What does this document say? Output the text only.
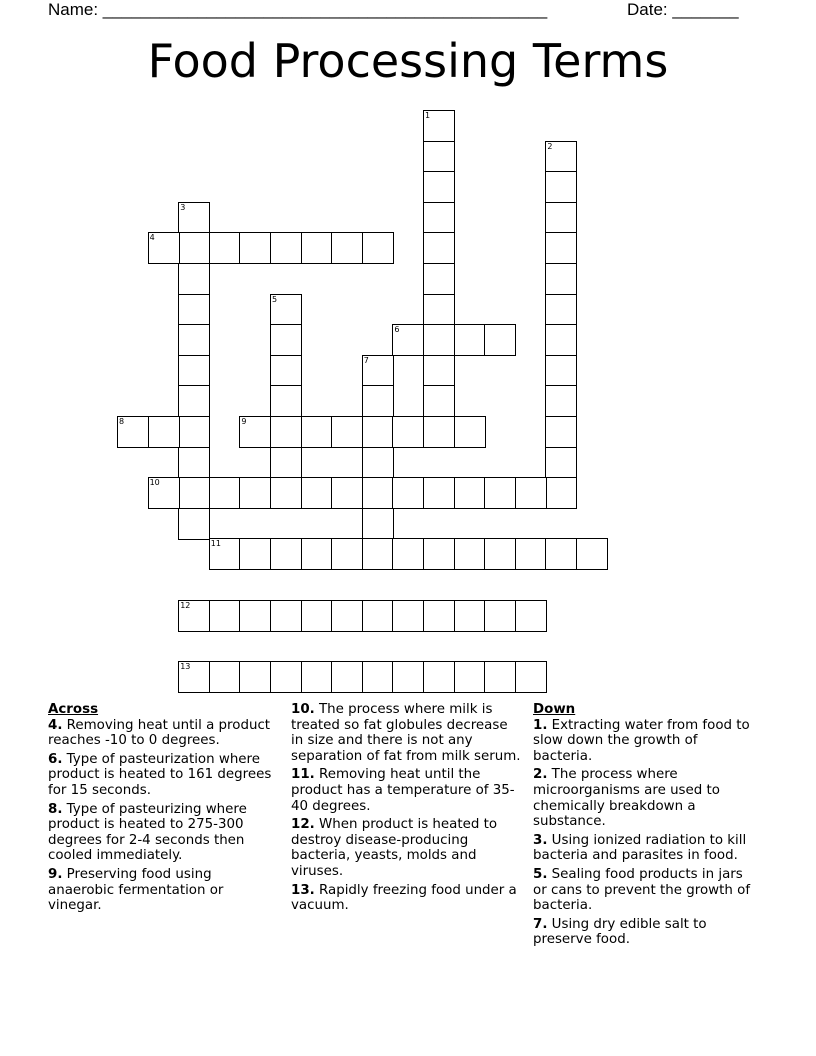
Name: _______________________________________________	Date: _______
Food Processing Terms
1
2
3
4
5
6
7
8	9
10
11
12
13
Across
4. Removing heat until a product reaches -10 to 0 degrees.
6. Type of pasteurization where product is heated to 161 degrees for 15 seconds.
8. Type of pasteurizing where product is heated to 275-300 degrees for 2-4 seconds then cooled immediately.
9. Preserving food using anaerobic fermentation or vinegar.
10. The process where milk is treated so fat globules decrease in size and there is not any separation of fat from milk serum.
11. Removing heat until the product has a temperature of 35-40 degrees.
12. When product is heated to destroy disease-producing bacteria, yeasts, molds and viruses.
13. Rapidly freezing food under a vacuum.
Down
1. Extracting water from food to slow down the growth of bacteria.
2. The process where microorganisms are used to chemically breakdown a substance.
3. Using ionized radiation to kill bacteria and parasites in food.
5. Sealing food products in jars or cans to prevent the growth of bacteria.
7. Using dry edible salt to preserve food.
